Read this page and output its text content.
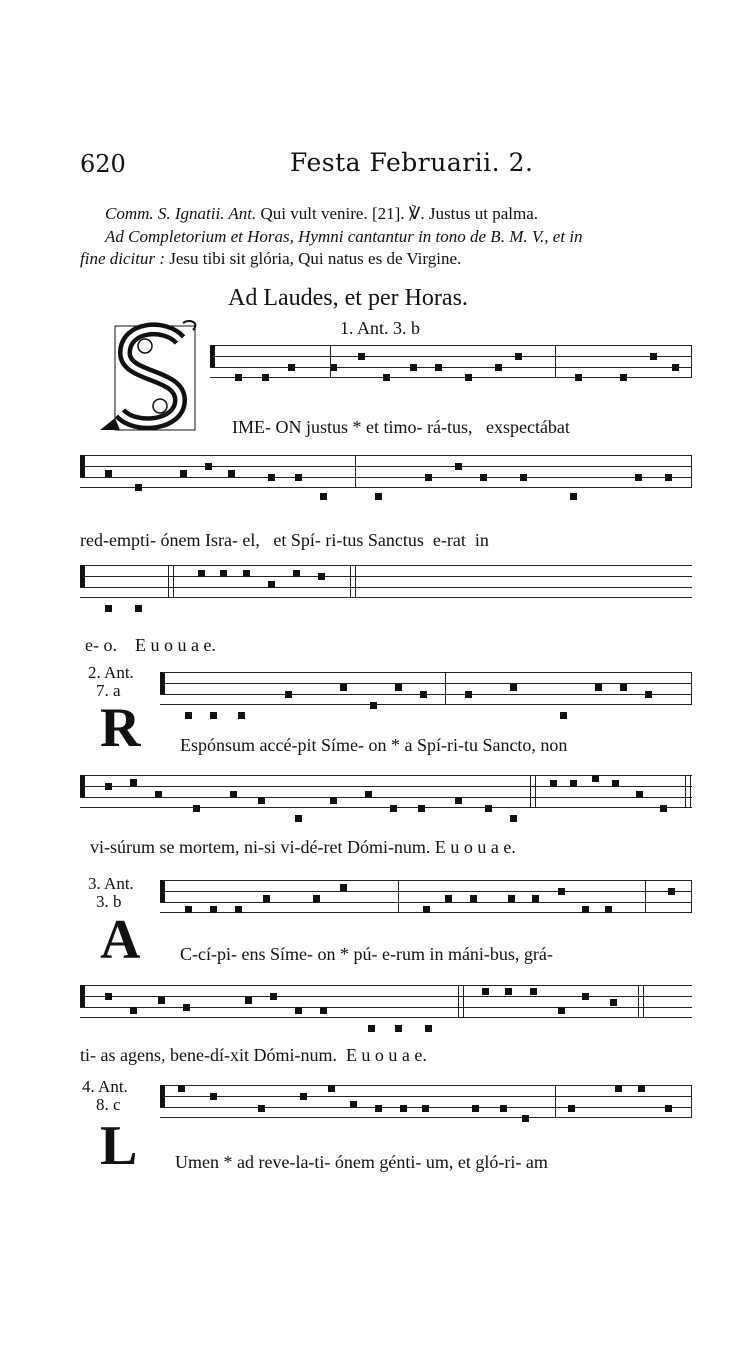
620	Festa Februarii. 2.
Comm. S. Ignatii. Ant. Qui vult venire. [21]. ℣. Justus ut palma.
Ad Completorium et Horas, Hymni cantantur in tono de B. M. V., et in
fine dicitur : Jesu tibi sit glória, Qui natus es de Virgine.
Ad Laudes, et per Horas.
1. Ant. 3. b
IME- ON justus * et timo- rá-tus,   exspectábat
red-empti- ónem Isra- el,   et Spí- ri-tus Sanctus  e-rat  in
e- o.    E u o u a e.
2. Ant.
7. a
R Espónsum accé-pit Síme- on * a Spí-ri-tu Sancto, non
vi-súrum se mortem, ni-si vi-dé-ret Dómi-num. E u o u a e.
3. Ant.
3. b
A C-cí-pi- ens Síme- on * pú- e-rum in máni-bus, grá-
ti- as agens, bene-dí-xit Dómi-num.  E u o u a e.
4. Ant.
8. c
L Umen * ad reve-la-ti- ónem génti- um, et gló-ri- am
